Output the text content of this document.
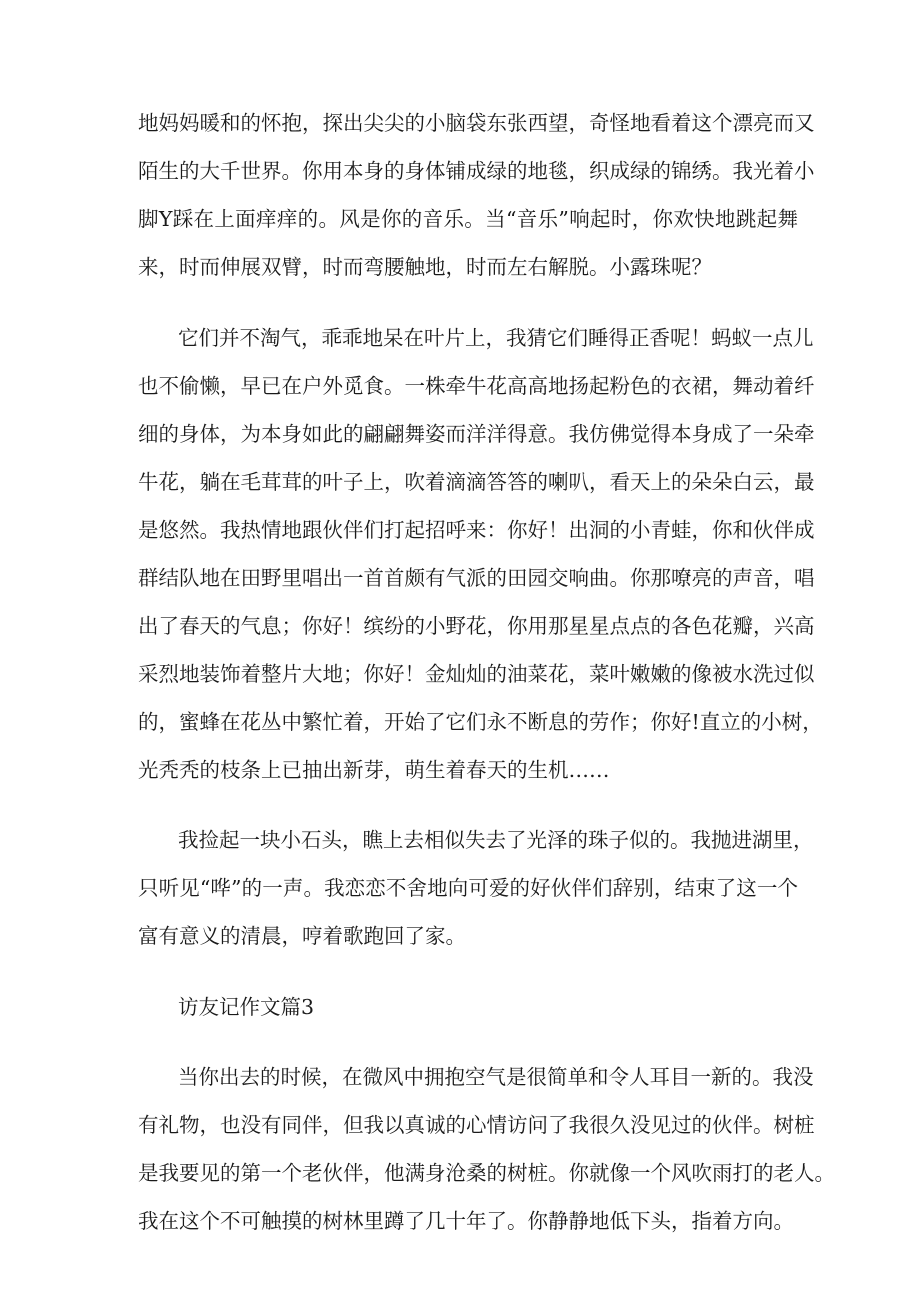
地妈妈暖和的怀抱，探出尖尖的小脑袋东张西望，奇怪地看着这个漂亮而又
陌生的大千世界。你用本身的身体铺成绿的地毯，织成绿的锦绣。我光着小
脚Y踩在上面痒痒的。风是你的音乐。当“音乐”响起时，你欢快地跳起舞
来，时而伸展双臂，时而弯腰触地，时而左右解脱。小露珠呢？
它们并不淘气，乖乖地呆在叶片上，我猜它们睡得正香呢！蚂蚁一点儿
也不偷懒，早已在户外觅食。一株牵牛花高高地扬起粉色的衣裙，舞动着纤
细的身体，为本身如此的翩翩舞姿而洋洋得意。我仿佛觉得本身成了一朵牵
牛花，躺在毛茸茸的叶子上，吹着滴滴答答的喇叭，看天上的朵朵白云，最
是悠然。我热情地跟伙伴们打起招呼来：你好！出洞的小青蛙，你和伙伴成
群结队地在田野里唱出一首首颇有气派的田园交响曲。你那嘹亮的声音，唱
出了春天的气息；你好！缤纷的小野花，你用那星星点点的各色花瓣，兴高
采烈地装饰着整片大地；你好！金灿灿的油菜花，菜叶嫩嫩的像被水洗过似
的，蜜蜂在花丛中繁忙着，开始了它们永不断息的劳作；你好!直立的小树，
光秃秃的枝条上已抽出新芽，萌生着春天的生机……
我捡起一块小石头，瞧上去相似失去了光泽的珠子似的。我抛进湖里，
只听见“哗”的一声。我恋恋不舍地向可爱的好伙伴们辞别，结束了这一个
富有意义的清晨，哼着歌跑回了家。
访友记作文篇3
当你出去的时候，在微风中拥抱空气是很简单和令人耳目一新的。我没
有礼物，也没有同伴，但我以真诚的心情访问了我很久没见过的伙伴。树桩
是我要见的第一个老伙伴，他满身沧桑的树桩。你就像一个风吹雨打的老人。
我在这个不可触摸的树林里蹲了几十年了。你静静地低下头，指着方向。
